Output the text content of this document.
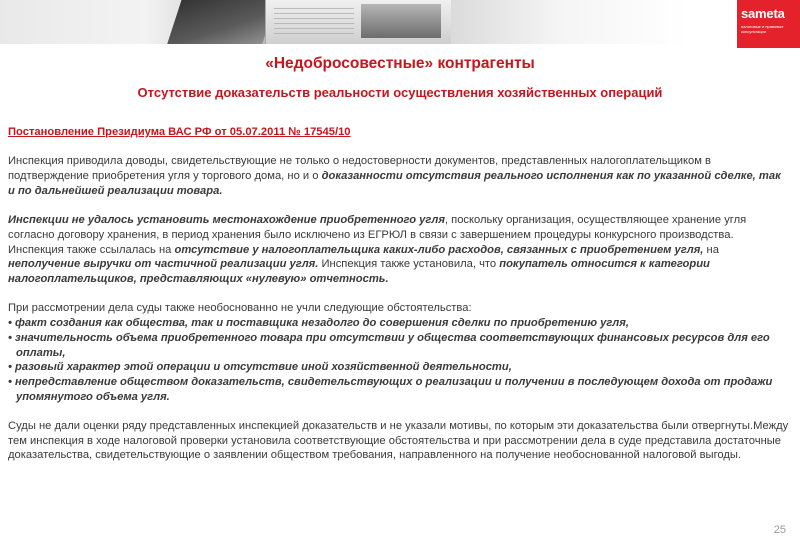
sameta
налоговые и правовые консультации
«Недобросовестные» контрагенты
Отсутствие доказательств реальности осуществления хозяйственных операций

Постановление Президиума ВАС РФ от 05.07.2011 № 17545/10

Инспекция приводила доводы, свидетельствующие не только о недостоверности документов, представленных налогоплательщиком в подтверждение приобретения угля у торгового дома, но и о доказанности отсутствия реального исполнения как по указанной сделке, так и по дальнейшей реализации товара.

Инспекции не удалось установить местонахождение приобретенного угля, поскольку организация, осуществляющее хранение угля согласно договору хранения, в период хранения было исключено из ЕГРЮЛ в связи с завершением процедуры конкурсного производства.

Инспекция также ссылалась на отсутствие у налогоплательщика каких-либо расходов, связанных с приобретением угля, на неполучение выручки от частичной реализации угля. Инспекция также установила, что покупатель относится к категории налогоплательщиков, представляющих «нулевую» отчетность.

При рассмотрении дела суды также необоснованно не учли следующие обстоятельства:

• факт создания как общества, так и поставщика незадолго до совершения сделки по приобретению угля,

• значительность объема приобретенного товара при отсутствии у общества соответствующих финансовых ресурсов для его оплаты,

• разовый характер этой операции и отсутствие иной хозяйственной деятельности,

• непредставление обществом доказательств, свидетельствующих о реализации и получении в последующем дохода от продажи упомянутого объема угля.

Суды не дали оценки ряду представленных инспекцией доказательств и не указали мотивы, по которым эти доказательства были отвергнуты.Между тем инспекция в ходе налоговой проверки установила соответствующие обстоятельства и при рассмотрении дела в суде представила достаточные доказательства, свидетельствующие о заявлении обществом требования, направленного на получение необоснованной налоговой выгоды.

25
